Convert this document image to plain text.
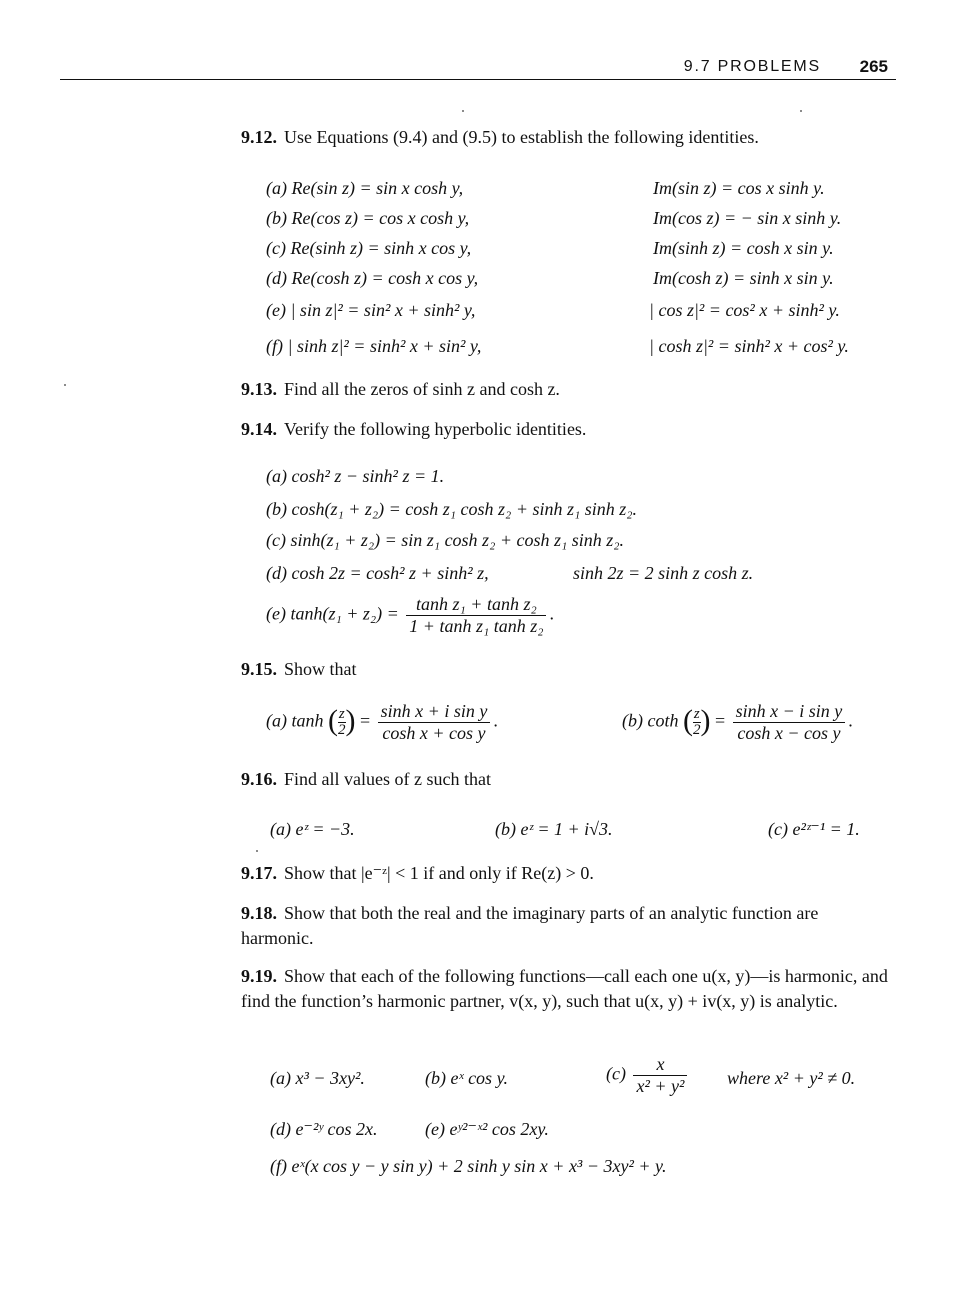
9.7 PROBLEMS 265
9.12. Use Equations (9.4) and (9.5) to establish the following identities.
(a) Re(sin z) = sin x cosh y,	Im(sin z) = cos x sinh y.
(b) Re(cos z) = cos x cosh y,	Im(cos z) = − sin x sinh y.
(c) Re(sinh z) = sinh x cos y,	Im(sinh z) = cosh x sin y.
(d) Re(cosh z) = cosh x cos y,	Im(cosh z) = sinh x sin y.
(e) | sin z|² = sin² x + sinh² y,	| cos z|² = cos² x + sinh² y.
(f) | sinh z|² = sinh² x + sin² y,	| cosh z|² = sinh² x + cos² y.
9.13. Find all the zeros of sinh z and cosh z.
9.14. Verify the following hyperbolic identities.
(a) cosh² z − sinh² z = 1.
(b) cosh(z₁ + z₂) = cosh z₁ cosh z₂ + sinh z₁ sinh z₂.
(c) sinh(z₁ + z₂) = sin z₁ cosh z₂ + cosh z₁ sinh z₂.
(d) cosh 2z = cosh² z + sinh² z,	sinh 2z = 2 sinh z cosh z.
(e) $\tanh(z_1 + z_2) = \frac{\text{tanh z₁ + tanh z₂}}{\text{1 + tanh z₁ tanh z₂}}$ .
9.15. Show that
(a) tanh ( $\frac{z}{2}$ ) = $\frac{\text{sinh x + i sin y}}{\text{cosh x + cos y}}$ .	(b) coth ( $\frac{z}{2}$ ) = $\frac{\text{sinh x − i sin y}}{\text{cosh x − cos y}}$ .
9.16. Find all values of z such that
(a) eᶻ = −3.	(b) eᶻ = 1 + i√3.	(c) e²ᶻ⁻¹ = 1.
9.17. Show that |e⁻ᶻ| < 1 if and only if Re(z) > 0.
9.18. Show that both the real and the imaginary parts of an analytic function are harmonic.
9.19. Show that each of the following functions—call each one u(x, y)—is harmonic, and find the function’s harmonic partner, v(x, y), such that u(x, y) + iv(x, y) is analytic.
(a) x³ − 3xy².	(b) eˣ cos y.	$(c) \frac{x}{\text{x² + y²}}$ where x² + y² ≠ 0.
(d) e⁻²ʸ cos 2x.	(e) eʸ²⁻ˣ² cos 2xy.
(f) eˣ(x cos y − y sin y) + 2 sinh y sin x + x³ − 3xy² + y.
